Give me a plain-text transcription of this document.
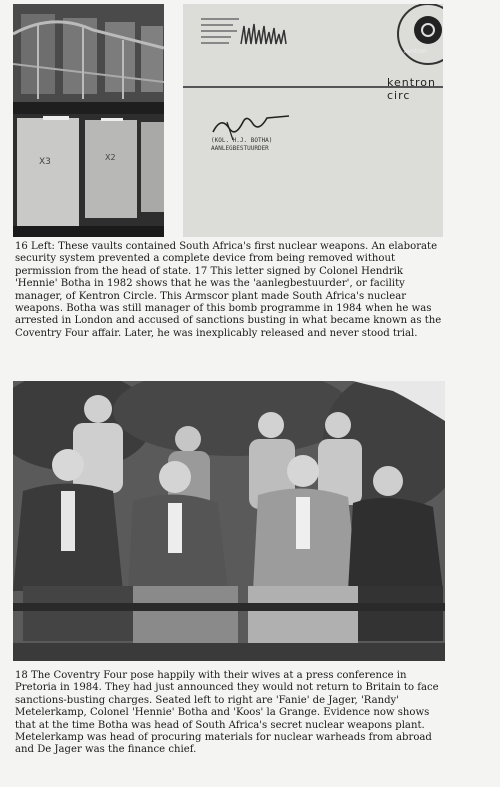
X3	X2
kentron circ
kentron
(KOL. H.J. BOTHA)
AANLEGBESTUURDER

16 Left: These vaults contained South Africa's first nuclear weapons. An elaborate

security system prevented a complete device from being removed without

permission from the head of state. 17 This letter signed by Colonel Hendrik

'Hennie' Botha in 1982 shows that he was the 'aanlegbestuurder', or facility

manager, of Kentron Circle. This Armscor plant made South Africa's nuclear

weapons. Botha was still manager of this bomb programme in 1984 when he was

arrested in London and accused of sanctions busting in what became known as the

Coventry Four affair. Later, he was inexplicably released and never stood trial.

18 The Coventry Four pose happily with their wives at a press conference in

Pretoria in 1984. They had just announced they would not return to Britain to face

sanctions-busting charges. Seated left to right are 'Fanie' de Jager, 'Randy'

Metelerkamp, Colonel 'Hennie' Botha and 'Koos' la Grange. Evidence now shows

that at the time Botha was head of South Africa's secret nuclear weapons plant.

Metelerkamp was head of procuring materials for nuclear warheads from abroad

and De Jager was the finance chief.
